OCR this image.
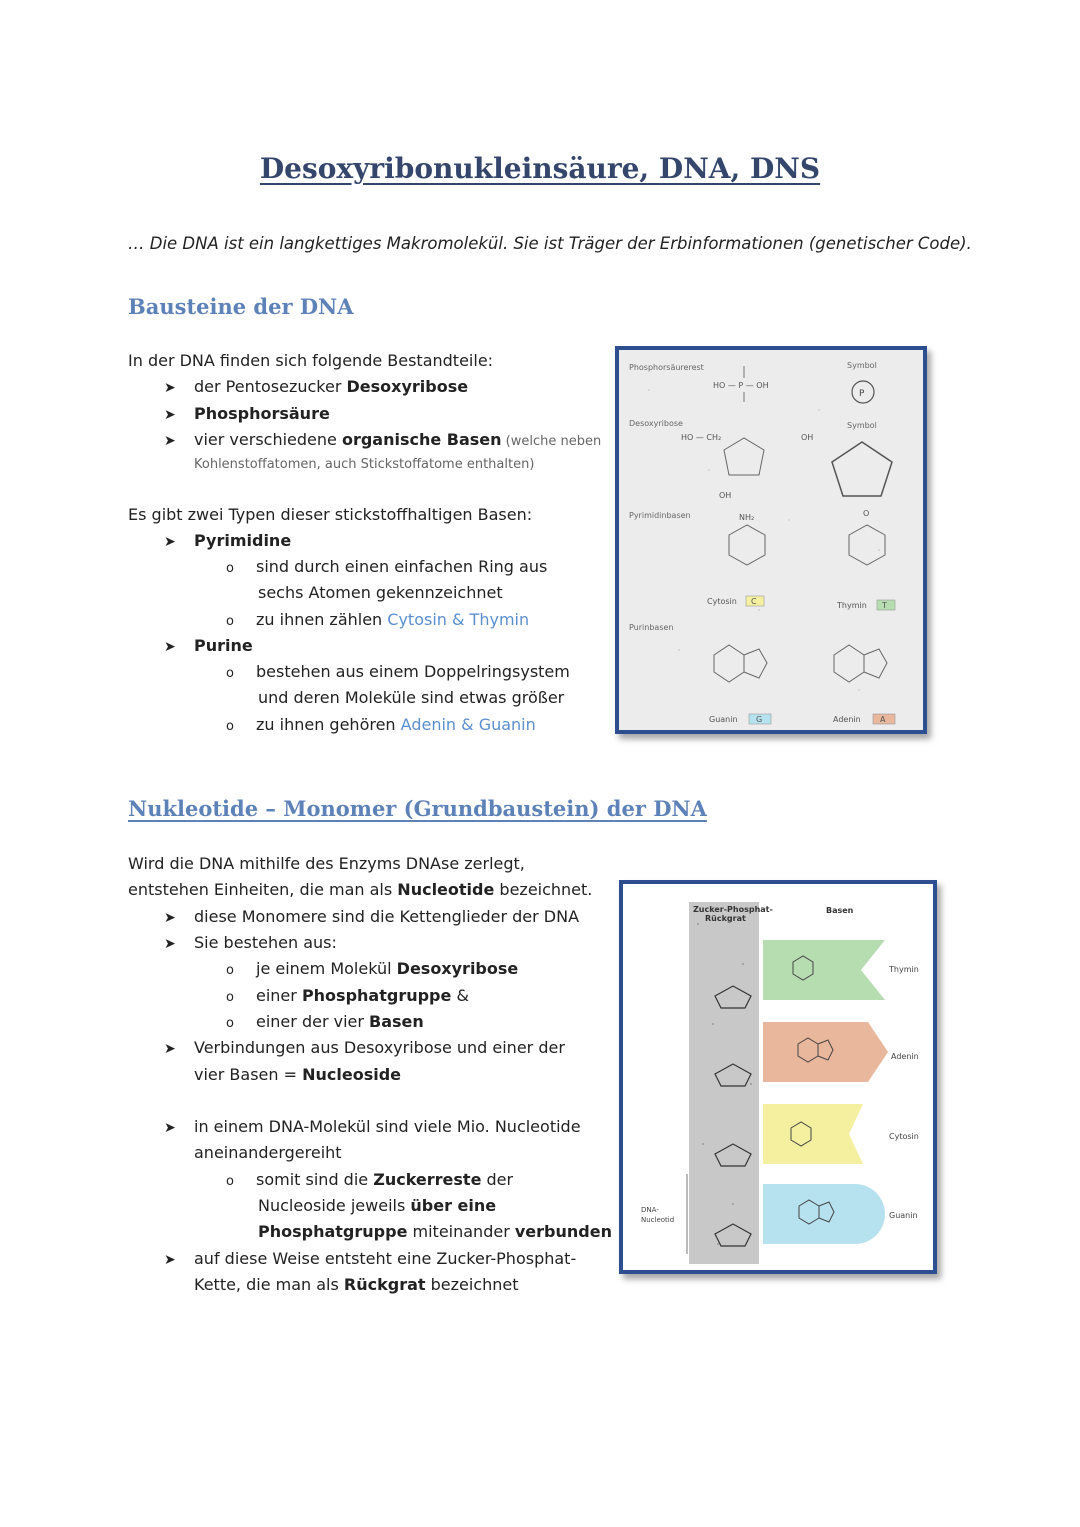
Desoxyribonukleinsäure, DNA, DNS
… Die DNA ist ein langkettiges Makromolekül. Sie ist Träger der Erbinformationen (genetischer Code).
Bausteine der DNA
In der DNA finden sich folgende Bestandteile:
➤ der Pentosezucker Desoxyribose
➤ Phosphorsäure
➤ vier verschiedene organische Basen (welche neben
Kohlenstoffatomen, auch Stickstoffatome enthalten)
Es gibt zwei Typen dieser stickstoffhaltigen Basen:
➤ Pyrimidine
o sind durch einen einfachen Ring aus
sechs Atomen gekennzeichnet
o zu ihnen zählen Cytosin & Thymin
➤ Purine
o bestehen aus einem Doppelringsystem
und deren Moleküle sind etwas größer
o zu ihnen gehören Adenin & Guanin
Phosphorsäurerest
HO — P — OH
Symbol
P
Desoxyribose
HO — CH₂	OH
OH
Symbol
Pyrimidinbasen	NH₂	O
Cytosin C	Thymin T
Purinbasen
Guanin G	Adenin A
Nukleotide – Monomer (Grundbaustein) der DNA
Wird die DNA mithilfe des Enzyms DNAse zerlegt,
entstehen Einheiten, die man als Nucleotide bezeichnet.
➤ diese Monomere sind die Kettenglieder der DNA
➤ Sie bestehen aus:
o je einem Molekül Desoxyribose
o einer Phosphatgruppe &
o einer der vier Basen
➤ Verbindungen aus Desoxyribose und einer der
vier Basen = Nucleoside
➤ in einem DNA-Molekül sind viele Mio. Nucleotide
aneinandergereiht
o somit sind die Zuckerreste der
Nucleoside jeweils über eine
Phosphatgruppe miteinander verbunden
➤ auf diese Weise entsteht eine Zucker-Phosphat-
Kette, die man als Rückgrat bezeichnet
Zucker-Phosphat-
Rückgrat
Basen
Thymin
Adenin
Cytosin
Guanin
DNA-
Nucleotid
